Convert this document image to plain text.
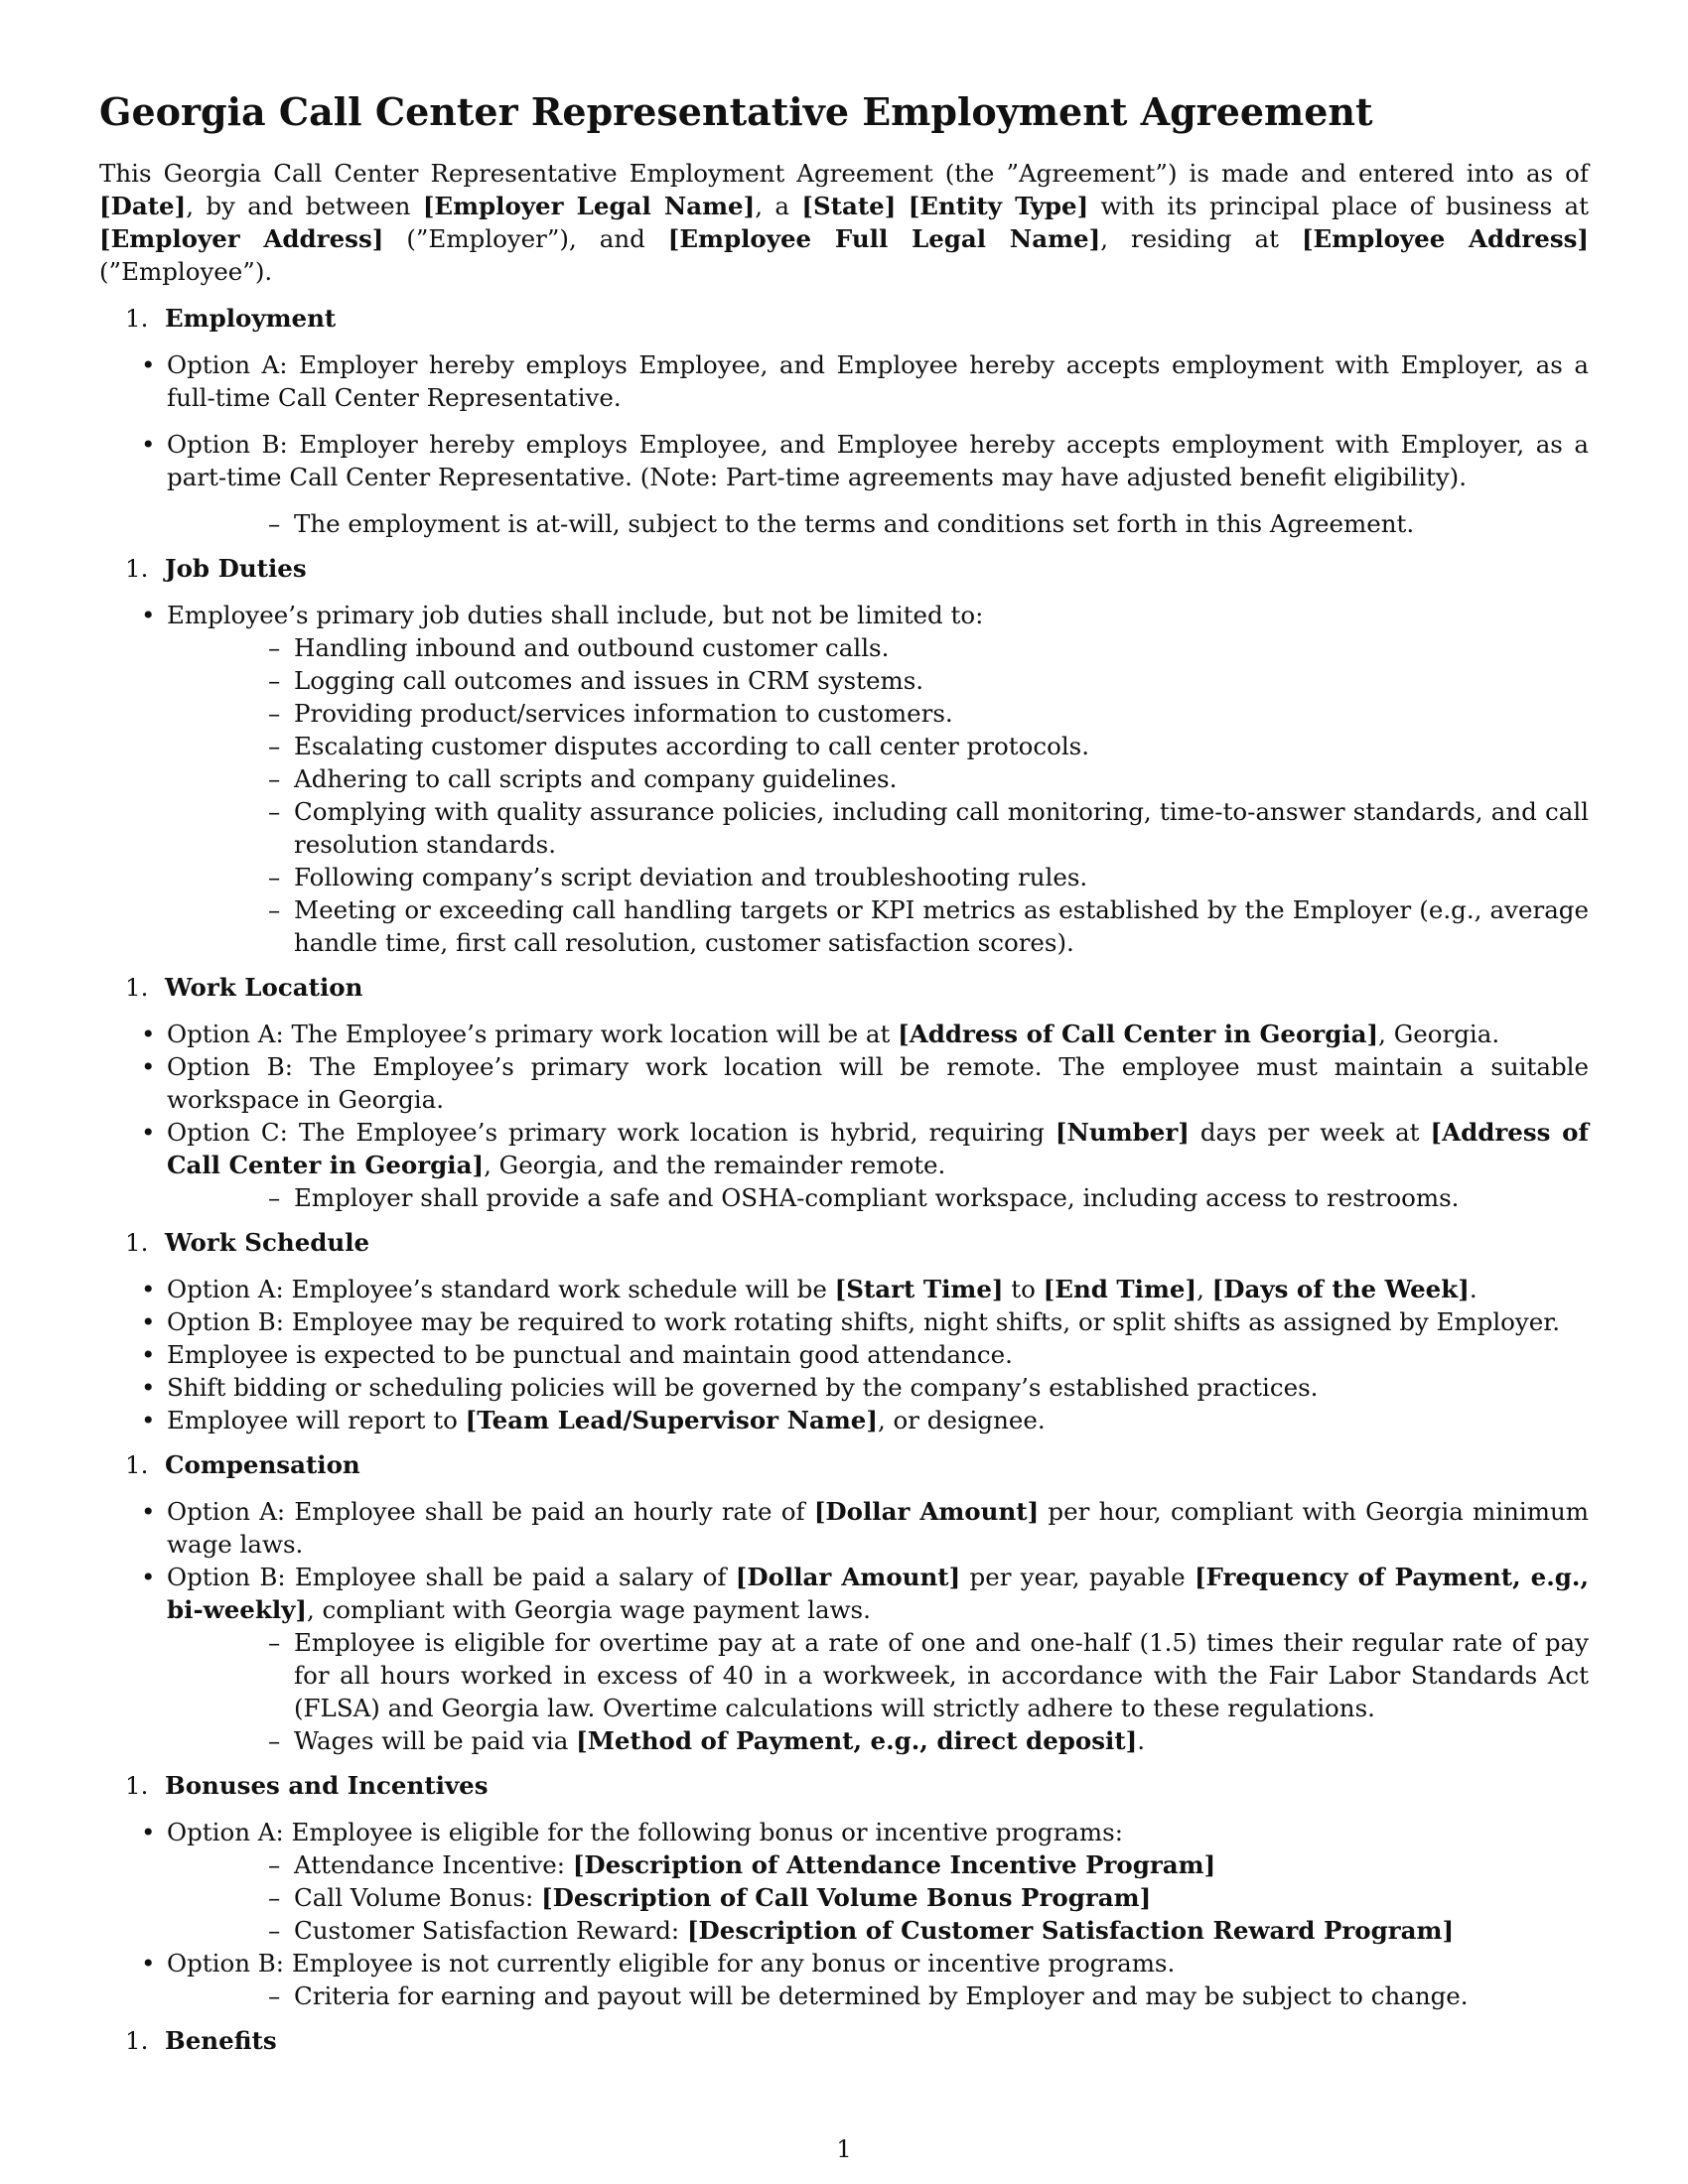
Georgia Call Center Representative Employment Agreement

This Georgia Call Center Representative Employment Agreement (the ”Agreement”) is made and entered into as of [Date], by and between [Employer Legal Name], a [State] [Entity Type] with its principal place of business at [Employer Address] (”Employer”), and [Employee Full Legal Name], residing at [Employee Address] (”Employee”).

1. Employment
• Option A: Employer hereby employs Employee, and Employee hereby accepts employment with Employer, as a full-time Call Center Representative.
• Option B: Employer hereby employs Employee, and Employee hereby accepts employment with Employer, as a part-time Call Center Representative. (Note: Part-time agreements may have adjusted benefit eligibility).
– The employment is at-will, subject to the terms and conditions set forth in this Agreement.
1. Job Duties
• Employee’s primary job duties shall include, but not be limited to:
– Handling inbound and outbound customer calls.
– Logging call outcomes and issues in CRM systems.
– Providing product/services information to customers.
– Escalating customer disputes according to call center protocols.
– Adhering to call scripts and company guidelines.
– Complying with quality assurance policies, including call monitoring, time-to-answer standards, and call resolution standards.
– Following company’s script deviation and troubleshooting rules.
– Meeting or exceeding call handling targets or KPI metrics as established by the Employer (e.g., average handle time, first call resolution, customer satisfaction scores).
1. Work Location
• Option A: The Employee’s primary work location will be at [Address of Call Center in Georgia], Georgia.
• Option B: The Employee’s primary work location will be remote. The employee must maintain a suitable workspace in Georgia.
• Option C: The Employee’s primary work location is hybrid, requiring [Number] days per week at [Address of Call Center in Georgia], Georgia, and the remainder remote.
– Employer shall provide a safe and OSHA-compliant workspace, including access to restrooms.
1. Work Schedule
• Option A: Employee’s standard work schedule will be [Start Time] to [End Time], [Days of the Week].
• Option B: Employee may be required to work rotating shifts, night shifts, or split shifts as assigned by Employer.
• Employee is expected to be punctual and maintain good attendance.
• Shift bidding or scheduling policies will be governed by the company’s established practices.
• Employee will report to [Team Lead/Supervisor Name], or designee.
1. Compensation
• Option A: Employee shall be paid an hourly rate of [Dollar Amount] per hour, compliant with Georgia minimum wage laws.
• Option B: Employee shall be paid a salary of [Dollar Amount] per year, payable [Frequency of Payment, e.g., bi-weekly], compliant with Georgia wage payment laws.
– Employee is eligible for overtime pay at a rate of one and one-half (1.5) times their regular rate of pay for all hours worked in excess of 40 in a workweek, in accordance with the Fair Labor Standards Act (FLSA) and Georgia law. Overtime calculations will strictly adhere to these regulations.
– Wages will be paid via [Method of Payment, e.g., direct deposit].
1. Bonuses and Incentives
• Option A: Employee is eligible for the following bonus or incentive programs:
– Attendance Incentive: [Description of Attendance Incentive Program]
– Call Volume Bonus: [Description of Call Volume Bonus Program]
– Customer Satisfaction Reward: [Description of Customer Satisfaction Reward Program]
• Option B: Employee is not currently eligible for any bonus or incentive programs.
– Criteria for earning and payout will be determined by Employer and may be subject to change.
1. Benefits
1
